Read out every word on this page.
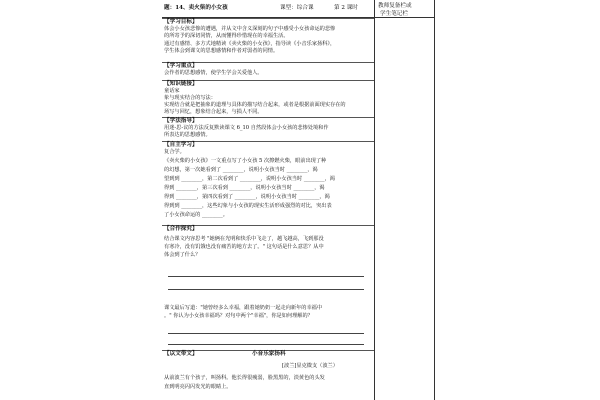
教师复备栏或
学生笔记栏
题：14、卖火柴的小女孩	课型：综合课	第 2 课时
【学习目标】
体会小女孩悲惨的遭遇，并从文中含义深刻的句子中感受小女孩命运的悲惨
的所寄予的深切同情，从而懂得珍惜现在的幸福生活。
通过有感情、多方式地精读《卖火柴的小女孩》，指导读《小音乐家扬科》，
学生体会到课文的思想感情和作者对弱者的同情。
【学习重点】
会作者的思想感情，使学生学会关爱他人。
【知识链接】
童话家
象与现实结合的写法：
实现结合就是把抽象的道理与具体的描写结合起来，或者是根据前面现实存在的
场写与回忆，想象结合起来，与损人不同。
【学法指导】
用迷-思-议的方法反复默读课文 6_10 自然段体会小女孩的悲惨处境和作
所表达的思想感情。
【自主学习】
复合学。
《卖火柴的小女孩》一文重点写了小女孩 5 次擦燃火柴，眼前出现了种
的幻想，第一次她看到了 ________，说明小女孩当时 ________，渴
望到到 ________，第二次看到了 ________，说明小女孩当时 ________，渴
得到 ________，第三次看到 ________，说明小女孩当时 ________，渴
得到 ________，第四次看到了 ________，说明小女孩当时 ________，渴
得到到 ________，这些幻象与小女孩的现实生活形成强烈的对比，突出表
了小女孩命运的 ________。
【合作探究】
结合课文内容思考 "她俩在光明和快乐中飞走了，越飞越高，飞到那没
有寒冷，没有饥饿也没有痛苦的地方去了。" 这句话是什么意思？从中
体会到了什么？
课文最后写道："她曾经多么幸福，跟着她奶奶一起走向新年的幸福中
。" 你认为小女孩幸福吗？对句中两个"幸福"，你是如何理解的？
【以文带文】	小音乐家扬科
[波兰]显克微支（波兰）
从前波兰有个孩子，叫扬科。他长得很瘦弱，脸黑黑的，淡黄色的头发
直到明亮闪闪发光的眼睛上。
